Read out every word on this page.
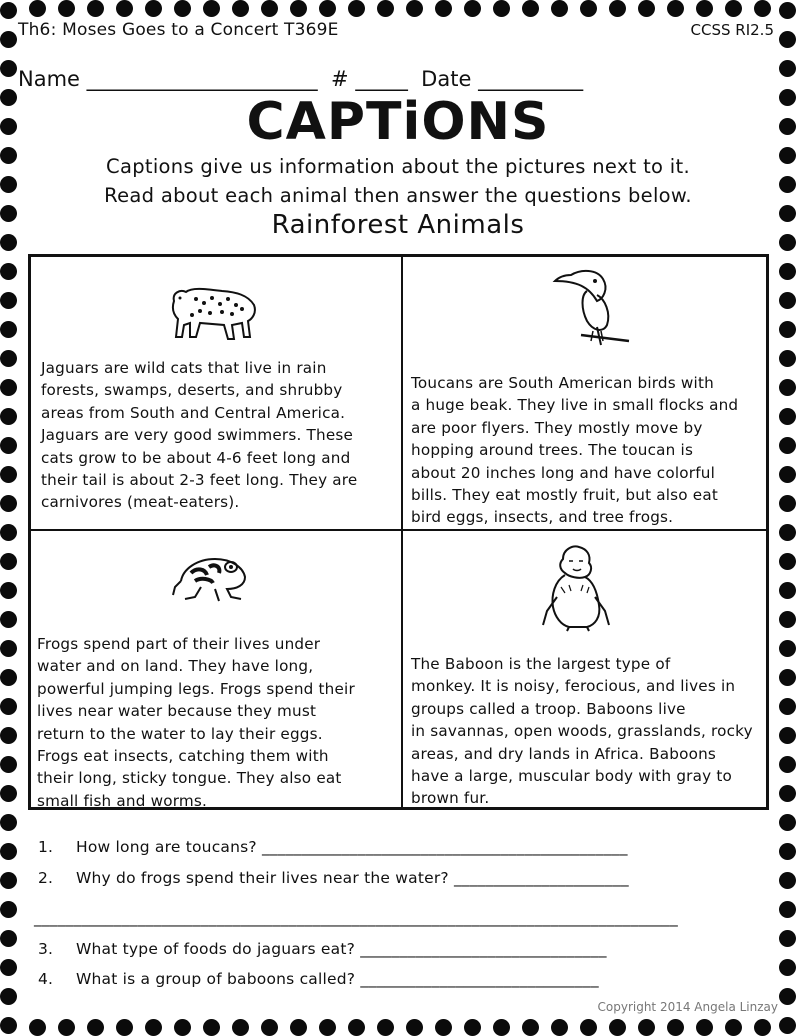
Th6: Moses Goes to a Concert T369E	CCSS RI2.5
Name ______________________ # _____ Date __________
CAPTiONS
Captions give us information about the pictures next to it.
Read about each animal then answer the questions below.
Rainforest Animals
Jaguars are wild cats that live in rain
forests, swamps, deserts, and shrubby
areas from South and Central America.
Jaguars are very good swimmers. These
cats grow to be about 4-6 feet long and
their tail is about 2-3 feet long. They are
carnivores (meat-eaters).
Toucans are South American birds with
a huge beak. They live in small flocks and
are poor flyers. They mostly move by
hopping around trees. The toucan is
about 20 inches long and have colorful
bills. They eat mostly fruit, but also eat
bird eggs, insects, and tree frogs.
Frogs spend part of their lives under
water and on land. They have long,
powerful jumping legs. Frogs spend their
lives near water because they must
return to the water to lay their eggs.
Frogs eat insects, catching them with
their long, sticky tongue. They also eat
small fish and worms.
The Baboon is the largest type of
monkey. It is noisy, ferocious, and lives in
groups called a troop. Baboons live
in savannas, open woods, grasslands, rocky
areas, and dry lands in Africa. Baboons
have a large, muscular body with gray to
brown fur.
1. How long are toucans? ______________________________________________
2. Why do frogs spend their lives near the water? ______________________
_________________________________________________________________________________
3. What type of foods do jaguars eat? _______________________________
4. What is a group of baboons called? ______________________________
Copyright 2014 Angela Linzay
